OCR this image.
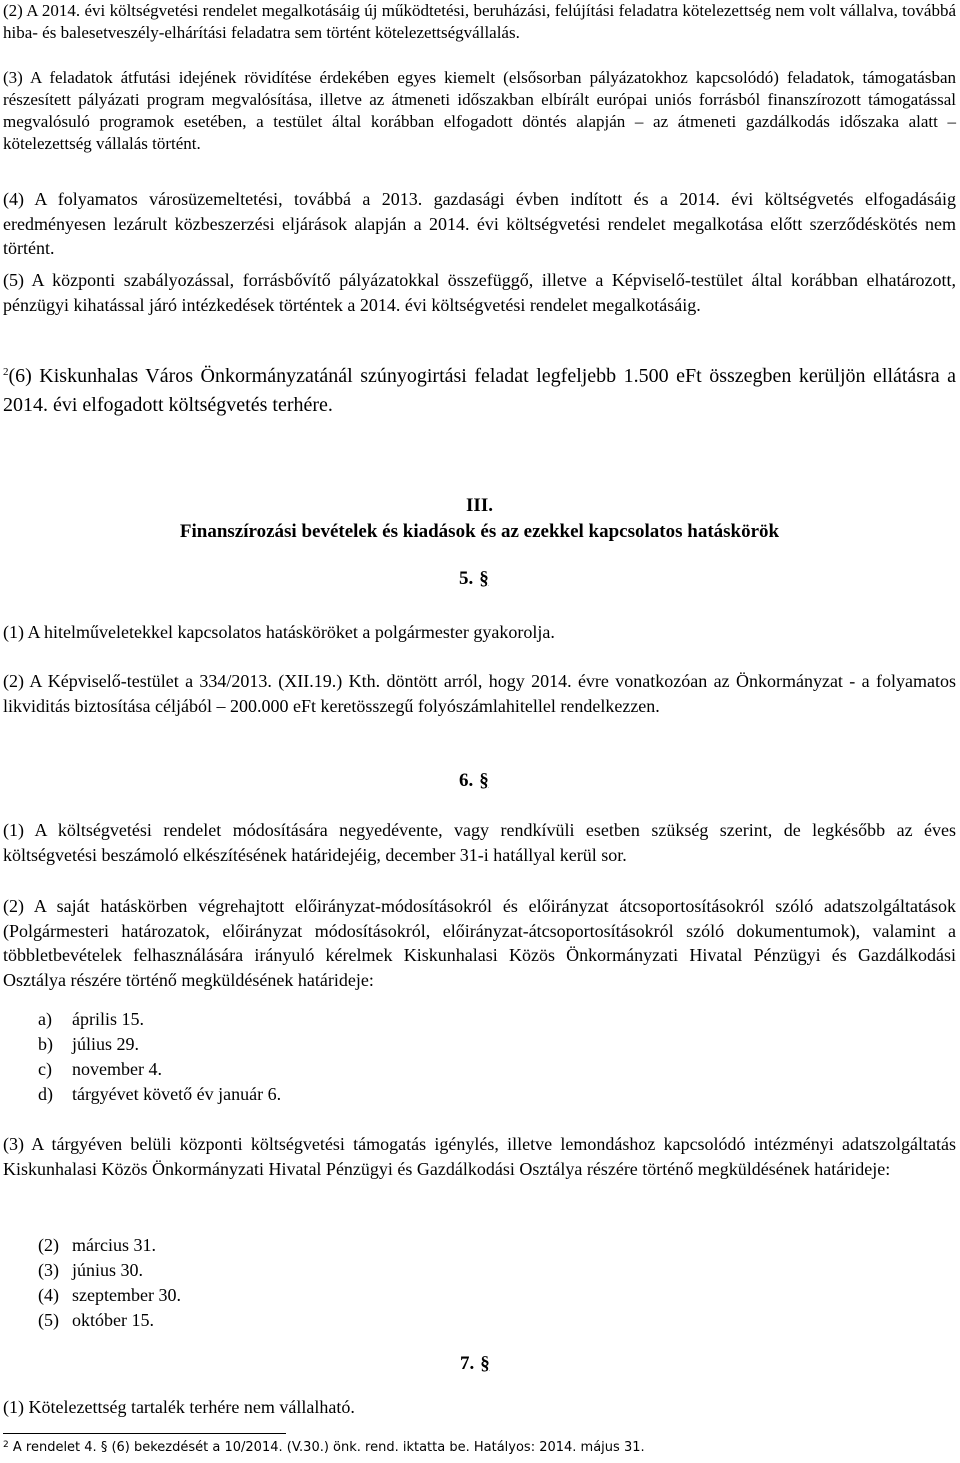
(2) A 2014. évi költségvetési rendelet megalkotásáig új működtetési, beruházási, felújítási feladatra kötelezettség nem volt vállalva, továbbá hiba- és balesetveszély-elhárítási feladatra sem történt kötelezettségvállalás.
(3) A feladatok átfutási idejének rövidítése érdekében egyes kiemelt (elsősorban pályázatokhoz kapcsolódó) feladatok, támogatásban részesített pályázati program megvalósítása, illetve az átmeneti időszakban elbírált európai uniós forrásból finanszírozott támogatással megvalósuló programok esetében, a testület által korábban elfogadott döntés alapján – az átmeneti gazdálkodás időszaka alatt – kötelezettség vállalás történt.
(4) A folyamatos városüzemeltetési, továbbá a 2013. gazdasági évben indított és a 2014. évi költségvetés elfogadásáig eredményesen lezárult közbeszerzési eljárások alapján a 2014. évi költségvetési rendelet megalkotása előtt szerződéskötés nem történt.
(5) A központi szabályozással, forrásbővítő pályázatokkal összefüggő, illetve a Képviselő-testület által korábban elhatározott, pénzügyi kihatással járó intézkedések történtek a 2014. évi költségvetési rendelet megalkotásáig.
$^2$(6) Kiskunhalas Város Önkormányzatánál szúnyogirtási feladat legfeljebb 1.500 eFt összegben kerüljön ellátásra a 2014. évi elfogadott költségvetés terhére.
III.
Finanszírozási bevételek és kiadások és az ezekkel kapcsolatos hatáskörök
5. §
(1) A hitelműveletekkel kapcsolatos hatásköröket a polgármester gyakorolja.
(2) A Képviselő-testület a 334/2013. (XII.19.) Kth. döntött arról, hogy 2014. évre vonatkozóan az Önkormányzat - a folyamatos likviditás biztosítása céljából – 200.000 eFt keretösszegű folyószámlahitellel rendelkezzen.
6. §
(1) A költségvetési rendelet módosítására negyedévente, vagy rendkívüli esetben szükség szerint, de legkésőbb az éves költségvetési beszámoló elkészítésének határidejéig, december 31-i hatállyal kerül sor.
(2) A saját hatáskörben végrehajtott előirányzat-módosításokról és előirányzat átcsoportosításokról szóló adatszolgáltatások (Polgármesteri határozatok, előirányzat módosításokról, előirányzat-átcsoportosításokról szóló dokumentumok), valamint a többletbevételek felhasználására irányuló kérelmek Kiskunhalasi Közös Önkormányzati Hivatal Pénzügyi és Gazdálkodási Osztálya részére történő megküldésének határideje:
a) április 15.
b) július 29.
c) november 4.
d) tárgyévet követő év január 6.
(3) A tárgyéven belüli központi költségvetési támogatás igénylés, illetve lemondáshoz kapcsolódó intézményi adatszolgáltatás Kiskunhalasi Közös Önkormányzati Hivatal Pénzügyi és Gazdálkodási Osztálya részére történő megküldésének határideje:
(2) március 31.
(3) június 30.
(4) szeptember 30.
(5) október 15.
7. §
(1) Kötelezettség tartalék terhére nem vállalható.
$^2$ A rendelet 4. § (6) bekezdését a 10/2014. (V.30.) önk. rend. iktatta be. Hatályos: 2014. május 31.
